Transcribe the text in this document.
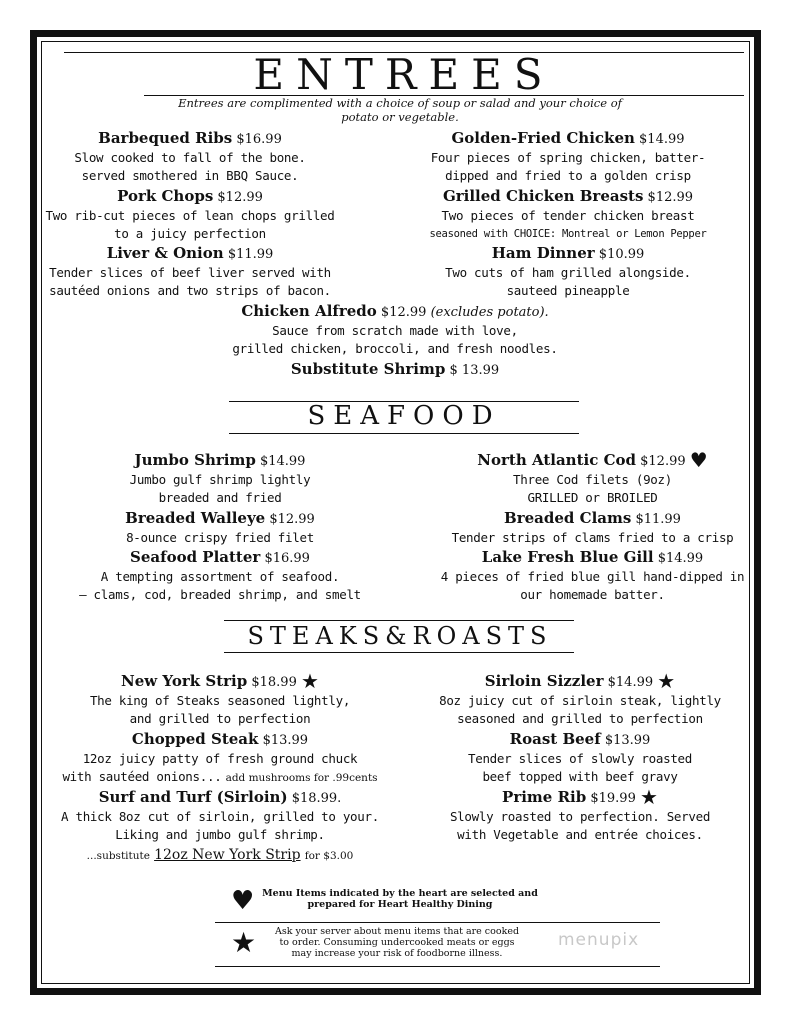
ENTREES
Entrees are complimented with a choice of soup or salad and your choice of
potato or vegetable.
Barbequed Ribs $16.99
Slow cooked to fall of the bone.
served smothered in BBQ Sauce.
Pork Chops $12.99
Two rib-cut pieces of lean chops grilled
to a juicy perfection
Liver & Onion $11.99
Tender slices of beef liver served with
sautéed onions and two strips of bacon.
Golden-Fried Chicken $14.99
Four pieces of spring chicken, batter-
dipped and fried to a golden crisp
Grilled Chicken Breasts $12.99
Two pieces of tender chicken breast
seasoned with CHOICE: Montreal or Lemon Pepper
Ham Dinner $10.99
Two cuts of ham grilled alongside.
sauteed pineapple
Chicken Alfredo $12.99 (excludes potato).
Sauce from scratch made with love,
grilled chicken, broccoli, and fresh noodles.
Substitute Shrimp $ 13.99
SEAFOOD
Jumbo Shrimp $14.99
Jumbo gulf shrimp lightly
breaded and fried
Breaded Walleye $12.99
8-ounce crispy fried filet
Seafood Platter $16.99
A tempting assortment of seafood.
– clams, cod, breaded shrimp, and smelt
North Atlantic Cod $12.99 ♥
Three Cod filets (9oz)
GRILLED or BROILED
Breaded Clams $11.99
Tender strips of clams fried to a crisp
Lake Fresh Blue Gill $14.99
4 pieces of fried blue gill hand-dipped in
our homemade batter.
STEAKS&ROASTS
New York Strip $18.99 ★
The king of Steaks seasoned lightly,
and grilled to perfection
Chopped Steak $13.99
12oz juicy patty of fresh ground chuck
with sautéed onions... add mushrooms for .99cents
Surf and Turf (Sirloin) $18.99.
A thick 8oz cut of sirloin, grilled to your.
Liking and jumbo gulf shrimp.
...substitute 12oz New York Strip for $3.00
Sirloin Sizzler $14.99 ★
8oz juicy cut of sirloin steak, lightly
seasoned and grilled to perfection
Roast Beef $13.99
Tender slices of slowly roasted
beef topped with beef gravy
Prime Rib $19.99 ★
Slowly roasted to perfection. Served
with Vegetable and entrée choices.
♥ Menu Items indicated by the heart are selected and
prepared for Heart Healthy Dining
★	Ask your server about menu items that are cooked
to order. Consuming undercooked meats or eggs
may increase your risk of foodborne illness.
menupix
